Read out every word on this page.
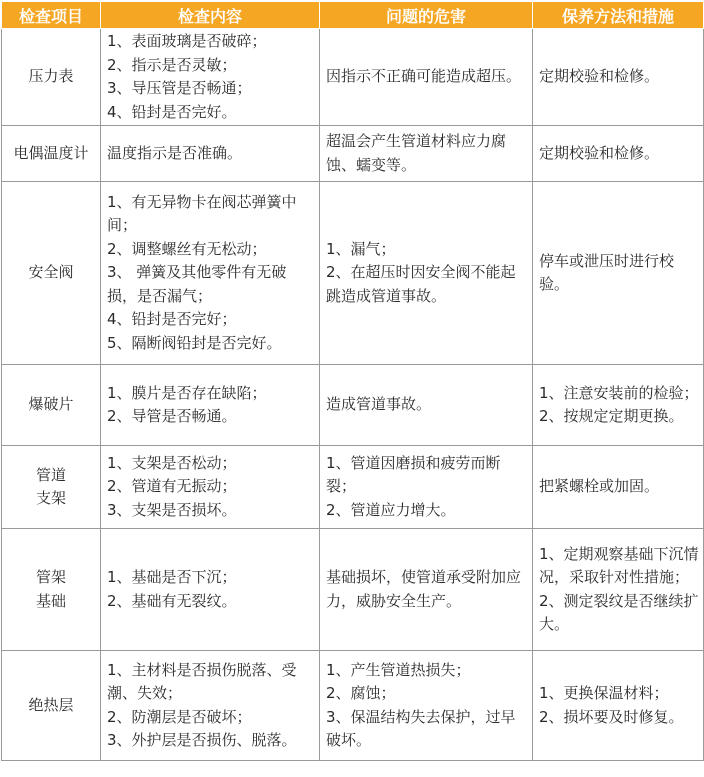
检查项目	检查内容	问题的危害	保养方法和措施

压力表	1、表面玻璃是否破碎；
2、指示是否灵敏；
3、导压管是否畅通；
4、铅封是否完好。	因指示不正确可能造成超压。	定期校验和检修。

电偶温度计	温度指示是否准确。	超温会产生管道材料应力腐蚀、蠕变等。	定期校验和检修。

安全阀	1、有无异物卡在阀芯弹簧中间；
2、调整螺丝有无松动；
3、 弹簧及其他零件有无破损，是否漏气；
4、铅封是否完好；
5、隔断阀铅封是否完好。	1、漏气；
2、在超压时因安全阀不能起跳造成管道事故。	停车或泄压时进行校验。

爆破片	1、膜片是否存在缺陷；
2、导管是否畅通。	造成管道事故。	1、注意安装前的检验；
2、按规定定期更换。

管道
支架	1、支架是否松动；
2、管道有无振动；
3、支架是否损坏。	1、管道因磨损和疲劳而断裂；
2、管道应力增大。	把紧螺栓或加固。

管架
基础	1、基础是否下沉；
2、基础有无裂纹。	基础损坏，使管道承受附加应力，威胁安全生产。	1、定期观察基础下沉情况，采取针对性措施；
2、测定裂纹是否继续扩大。

绝热层	1、主材料是否损伤脱落、受潮、失效；
2、防潮层是否破坏；
3、外护层是否损伤、脱落。	1、产生管道热损失；
2、腐蚀；
3、保温结构失去保护，过早破坏。	1、更换保温材料；
2、损坏要及时修复。
